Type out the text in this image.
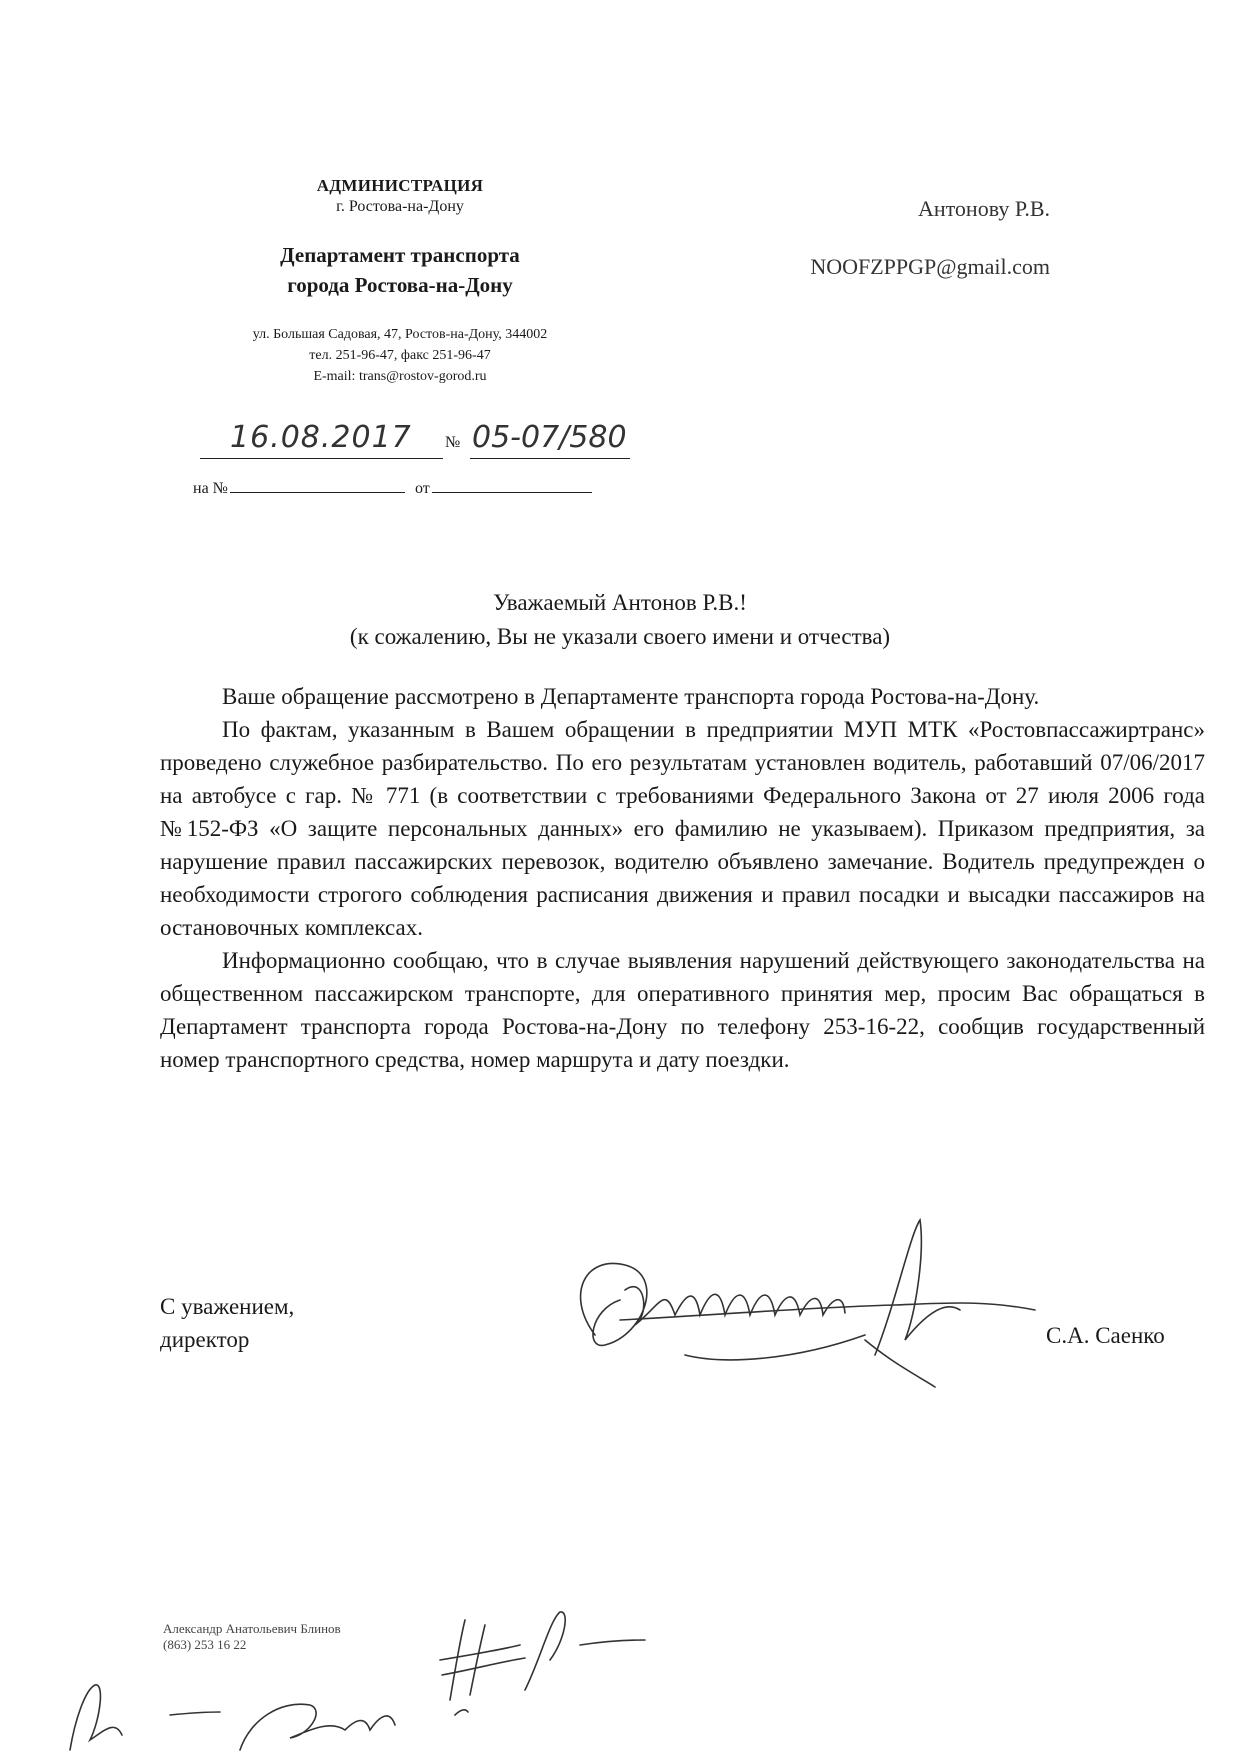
АДМИНИСТРАЦИЯ
г. Ростова-на-Дону
Департамент транспорта
города Ростова-на-Дону
ул. Большая Садовая, 47, Ростов-на-Дону, 344002
тел. 251-96-47, факс 251-96-47
E-mail: trans@rostov-gorod.ru
Антонову Р.В.
NOOFZPPGP@gmail.com
16.08.2017 № 05-07/580
на №	от
Уважаемый Антонов Р.В.!
(к сожалению, Вы не указали своего имени и отчества)

Ваше обращение рассмотрено в Департаменте транспорта города Ростова-на-Дону.

По фактам, указанным в Вашем обращении в предприятии МУП МТК «Ростовпассажиртранс» проведено служебное разбирательство. По его результатам установлен водитель, работавший 07/06/2017 на автобусе с гар. № 771 (в соответствии с требованиями Федерального Закона от 27 июля 2006 года №152-ФЗ «О защите персональных данных» его фамилию не указываем). Приказом предприятия, за нарушение правил пассажирских перевозок, водителю объявлено замечание. Водитель предупрежден о необходимости строгого соблюдения расписания движения и правил посадки и высадки пассажиров на остановочных комплексах.

Информационно сообщаю, что в случае выявления нарушений действующего законодательства на общественном пассажирском транспорте, для оперативного принятия мер, просим Вас обращаться в Департамент транспорта города Ростова-на-Дону по телефону 253-16-22, сообщив государственный номер транспортного средства, номер маршрута и дату поездки.

С уважением,
директор	С.А. Саенко
Александр Анатольевич Блинов
(863) 253 16 22
